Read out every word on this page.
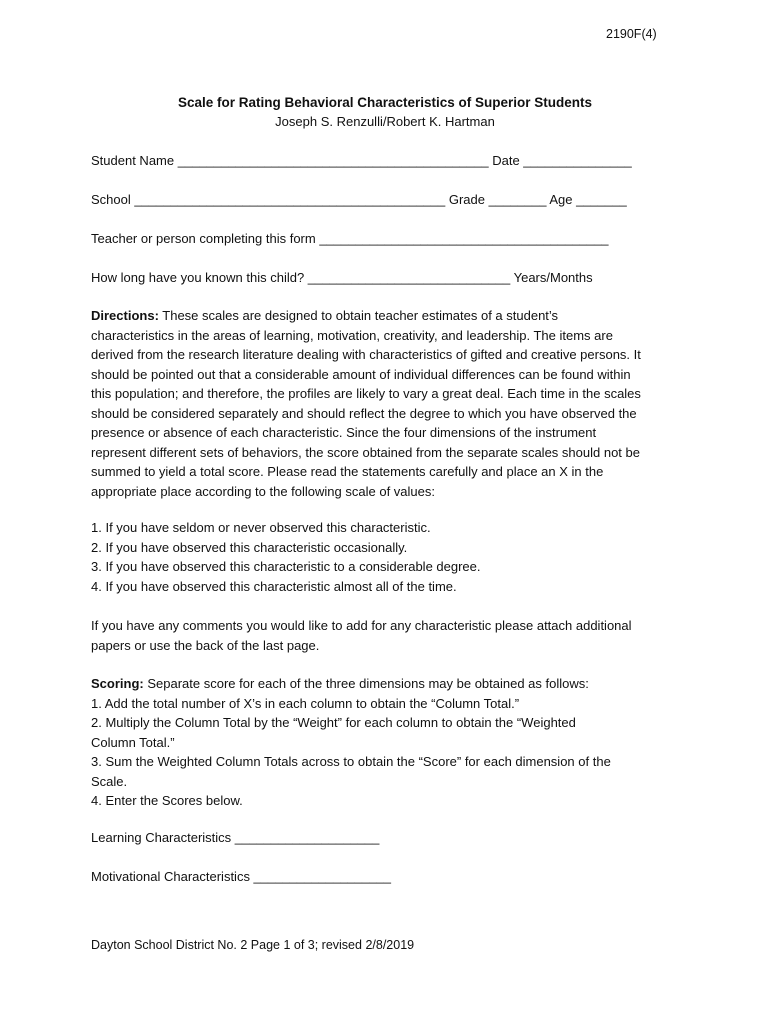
2190F(4)
Scale for Rating Behavioral Characteristics of Superior Students
Joseph S. Renzulli/Robert K. Hartman
Student Name ___________________________________________ Date _______________
School ___________________________________________ Grade ________ Age _______
Teacher or person completing this form ________________________________________
How long have you known this child? ____________________________ Years/Months

Directions: These scales are designed to obtain teacher estimates of a student’s

characteristics in the areas of learning, motivation, creativity, and leadership. The items are

derived from the research literature dealing with characteristics of gifted and creative persons. It

should be pointed out that a considerable amount of individual differences can be found within

this population; and therefore, the profiles are likely to vary a great deal. Each time in the scales

should be considered separately and should reflect the degree to which you have observed the

presence or absence of each characteristic. Since the four dimensions of the instrument

represent different sets of behaviors, the score obtained from the separate scales should not be

summed to yield a total score. Please read the statements carefully and place an X in the

appropriate place according to the following scale of values:

1. If you have seldom or never observed this characteristic.

2. If you have observed this characteristic occasionally.

3. If you have observed this characteristic to a considerable degree.

4. If you have observed this characteristic almost all of the time.

If you have any comments you would like to add for any characteristic please attach additional

papers or use the back of the last page.

Scoring: Separate score for each of the three dimensions may be obtained as follows:

1. Add the total number of X’s in each column to obtain the “Column Total.”

2. Multiply the Column Total by the “Weight” for each column to obtain the “Weighted

Column Total.”

3. Sum the Weighted Column Totals across to obtain the “Score” for each dimension of the

Scale.

4. Enter the Scores below.

Learning Characteristics ____________________
Motivational Characteristics ___________________
Dayton School District No. 2 Page 1 of 3; revised 2/8/2019
